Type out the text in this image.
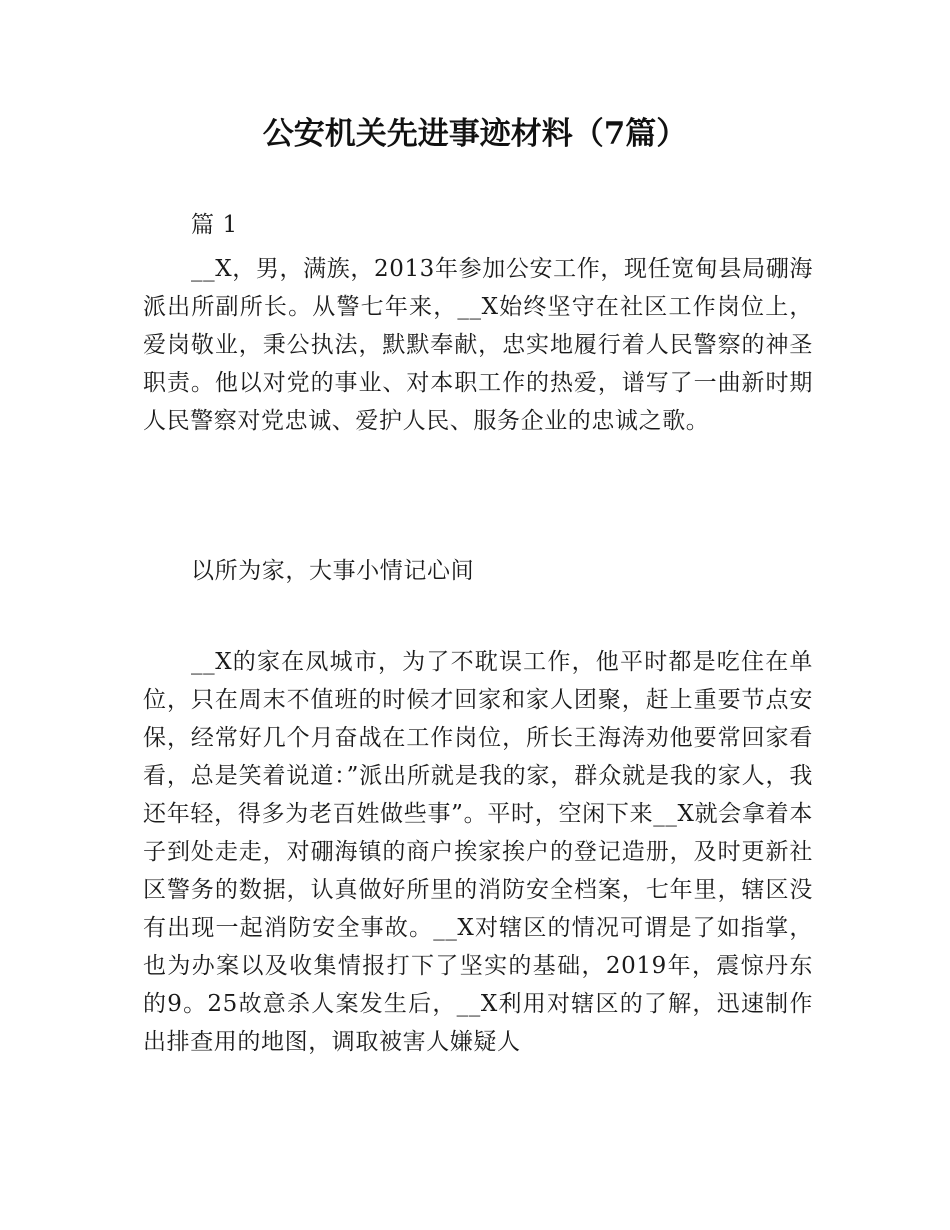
公安机关先进事迹材料（7篇）

篇 1

__X，男，满族，2013年参加公安工作，现任宽甸县局硼海派出所副所长。从警七年来，__X始终坚守在社区工作岗位上，爱岗敬业，秉公执法，默默奉献，忠实地履行着人民警察的神圣职责。他以对党的事业、对本职工作的热爱，谱写了一曲新时期人民警察对党忠诚、爱护人民、服务企业的忠诚之歌。

以所为家，大事小情记心间

__X的家在凤城市，为了不耽误工作，他平时都是吃住在单位，只在周末不值班的时候才回家和家人团聚，赶上重要节点安保，经常好几个月奋战在工作岗位，所长王海涛劝他要常回家看看，总是笑着说道：”派出所就是我的家，群众就是我的家人，我还年轻，得多为老百姓做些事”。平时，空闲下来__X就会拿着本子到处走走，对硼海镇的商户挨家挨户的登记造册，及时更新社区警务的数据，认真做好所里的消防安全档案，七年里，辖区没有出现一起消防安全事故。__X对辖区的情况可谓是了如指掌，也为办案以及收集情报打下了坚实的基础，2019年，震惊丹东的9。25故意杀人案发生后，__X利用对辖区的了解，迅速制作出排查用的地图，调取被害人嫌疑人
